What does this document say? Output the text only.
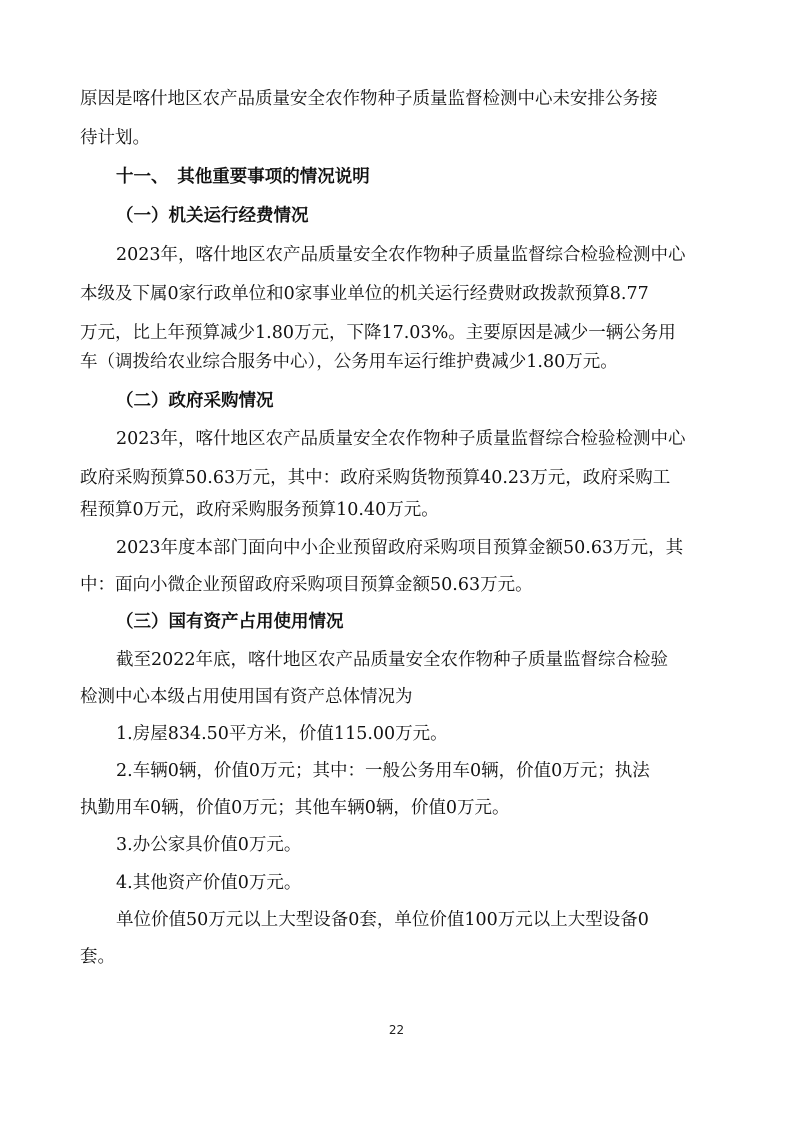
原因是喀什地区农产品质量安全农作物种子质量监督检测中心未安排公务接
待计划。
十一、　其他重要事项的情况说明
（一）机关运行经费情况
2023年，喀什地区农产品质量安全农作物种子质量监督综合检验检测中心
本级及下属0家行政单位和0家事业单位的机关运行经费财政拨款预算8.77
万元，比上年预算减少1.80万元，下降17.03%。主要原因是减少一辆公务用
车（调拨给农业综合服务中心），公务用车运行维护费减少1.80万元。
（二）政府采购情况
2023年，喀什地区农产品质量安全农作物种子质量监督综合检验检测中心
政府采购预算50.63万元，其中：政府采购货物预算40.23万元，政府采购工
程预算0万元，政府采购服务预算10.40万元。
2023年度本部门面向中小企业预留政府采购项目预算金额50.63万元，其
中：面向小微企业预留政府采购项目预算金额50.63万元。
（三）国有资产占用使用情况
截至2022年底，喀什地区农产品质量安全农作物种子质量监督综合检验
检测中心本级占用使用国有资产总体情况为
1.房屋834.50平方米，价值115.00万元。
2.车辆0辆，价值0万元；其中：一般公务用车0辆，价值0万元；执法
执勤用车0辆，价值0万元；其他车辆0辆，价值0万元。
3.办公家具价值0万元。
4.其他资产价值0万元。
单位价值50万元以上大型设备0套，单位价值100万元以上大型设备0
套。
22
